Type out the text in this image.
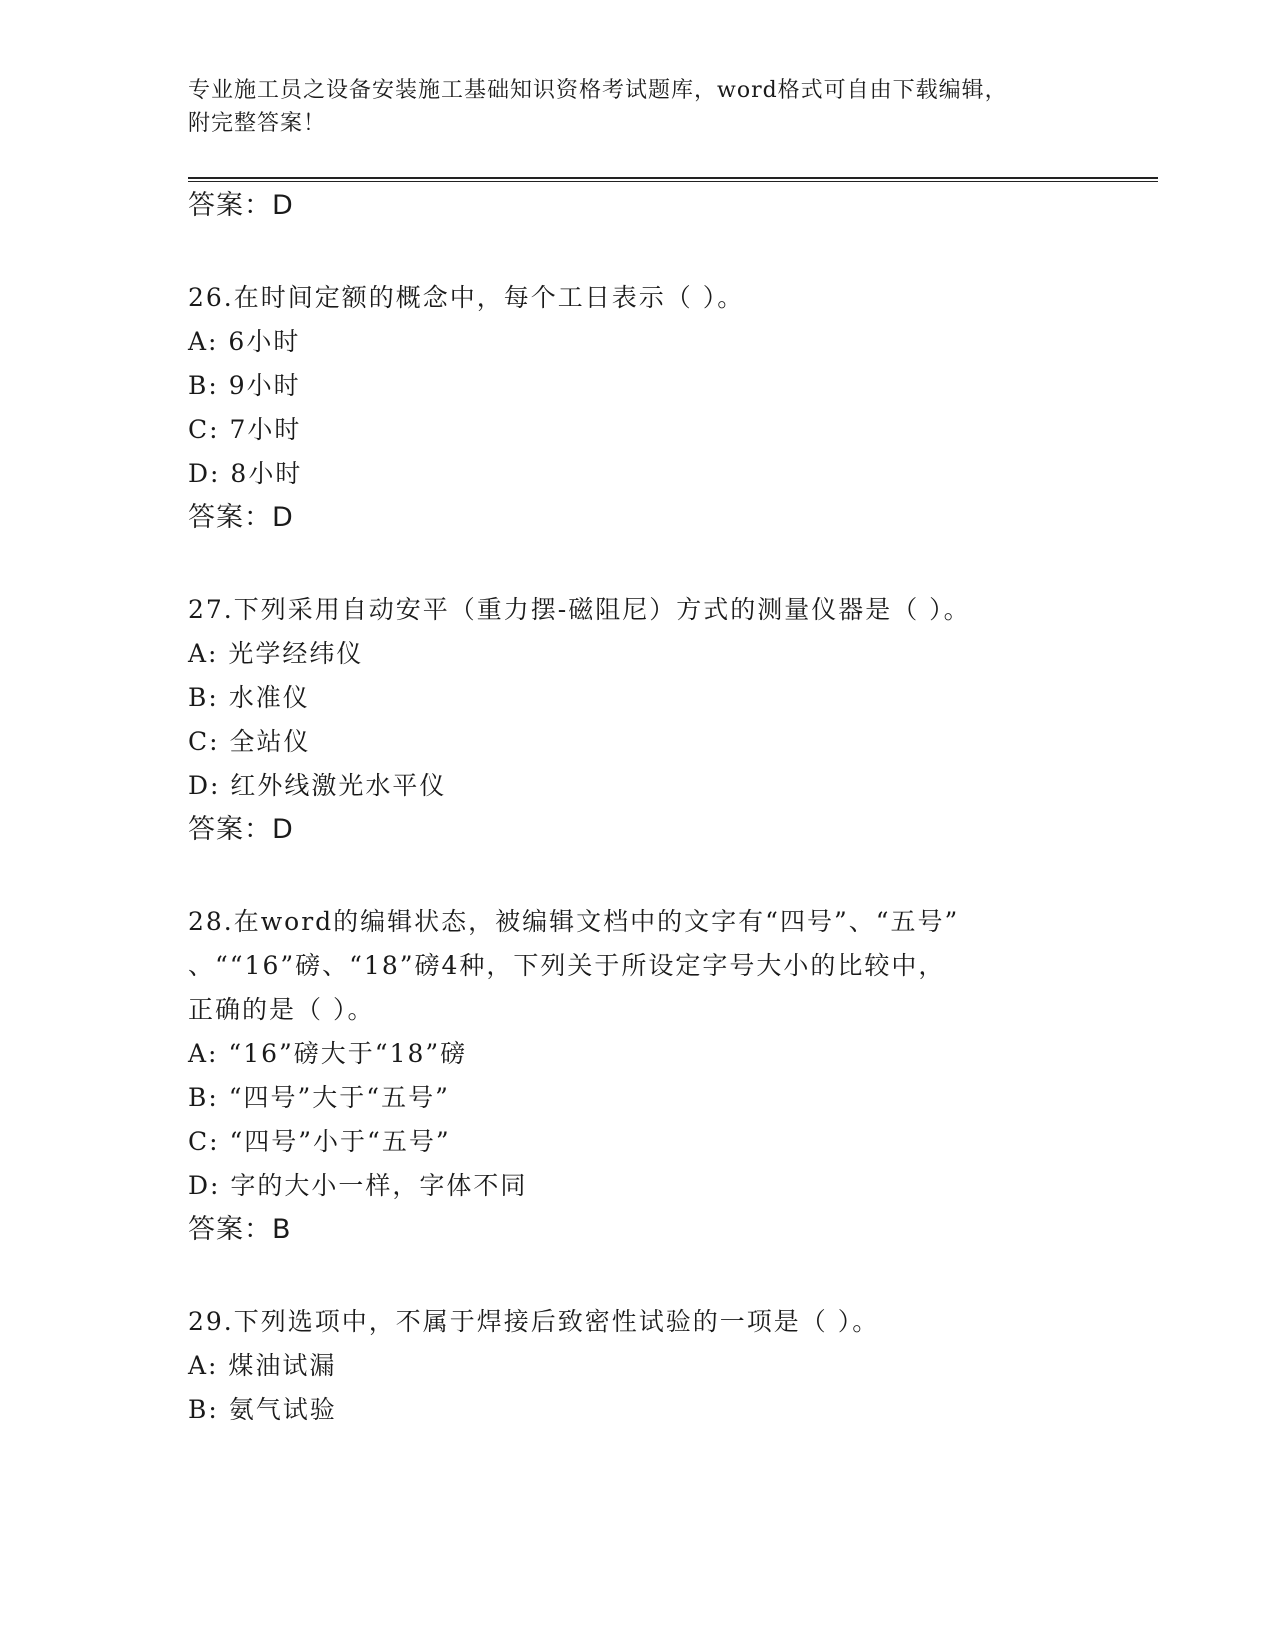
专业施工员之设备安装施工基础知识资格考试题库，word格式可自由下载编辑，
附完整答案！
答案：D
26.在时间定额的概念中，每个工日表示（ ）。
A: 6小时
B: 9小时
C: 7小时
D: 8小时
答案：D
27.下列采用自动安平（重力摆-磁阻尼）方式的测量仪器是（ ）。
A: 光学经纬仪
B: 水准仪
C: 全站仪
D: 红外线激光水平仪
答案：D
28.在word的编辑状态，被编辑文档中的文字有“四号”、“五号”
、““16”磅、“18”磅4种，下列关于所设定字号大小的比较中，
正确的是（ ）。
A: “16”磅大于“18”磅
B: “四号”大于“五号”
C: “四号”小于“五号”
D: 字的大小一样，字体不同
答案：B
29.下列选项中，不属于焊接后致密性试验的一项是（ ）。
A: 煤油试漏
B: 氨气试验
